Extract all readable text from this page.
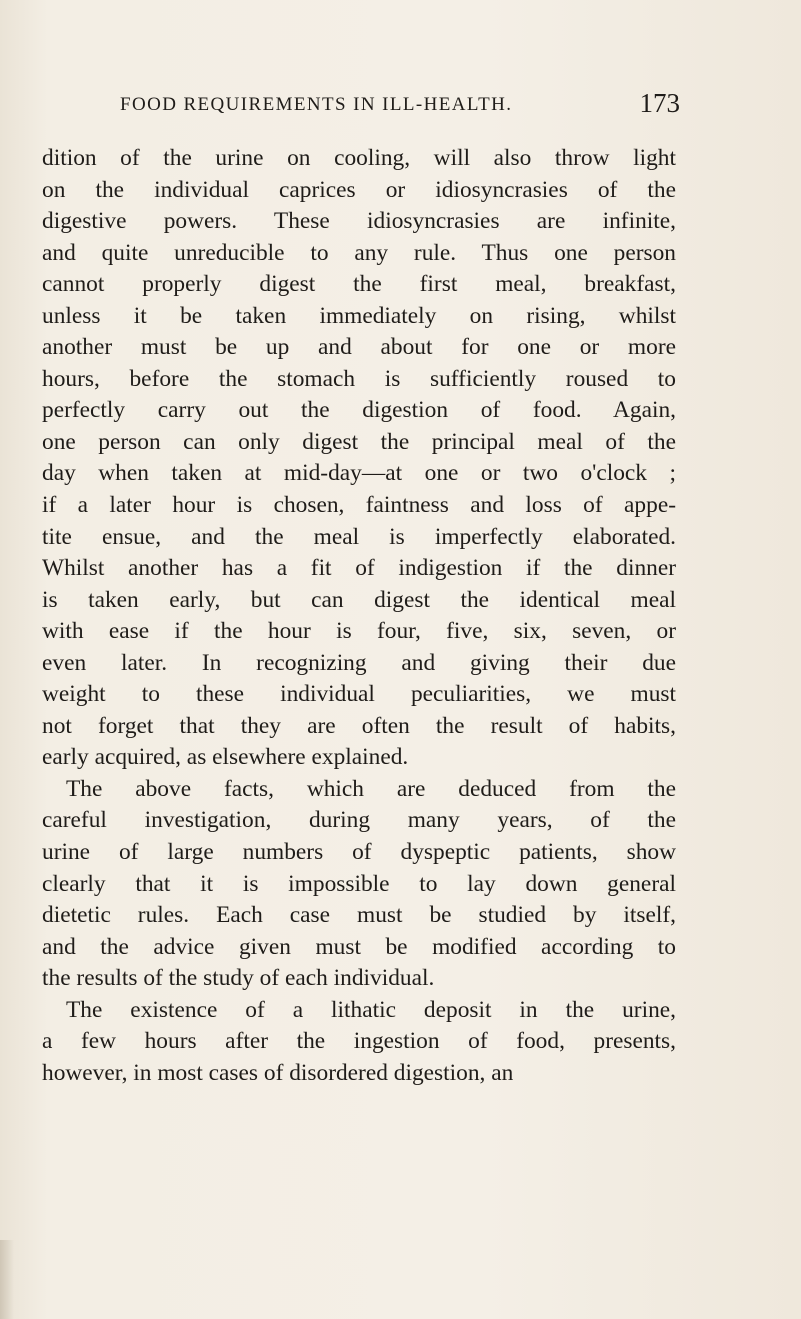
FOOD REQUIREMENTS IN ILL-HEALTH.	173
dition of the urine on cooling, will also throw light
on the individual caprices or idiosyncrasies of the
digestive powers. These idiosyncrasies are infinite,
and quite unreducible to any rule. Thus one person
cannot properly digest the first meal, breakfast,
unless it be taken immediately on rising, whilst
another must be up and about for one or more
hours, before the stomach is sufficiently roused to
perfectly carry out the digestion of food. Again,
one person can only digest the principal meal of the
day when taken at mid-day—at one or two o'clock ;
if a later hour is chosen, faintness and loss of appe-
tite ensue, and the meal is imperfectly elaborated.
Whilst another has a fit of indigestion if the dinner
is taken early, but can digest the identical meal
with ease if the hour is four, five, six, seven, or
even later. In recognizing and giving their due
weight to these individual peculiarities, we must
not forget that they are often the result of habits,
early acquired, as elsewhere explained.
The above facts, which are deduced from the
careful investigation, during many years, of the
urine of large numbers of dyspeptic patients, show
clearly that it is impossible to lay down general
dietetic rules. Each case must be studied by itself,
and the advice given must be modified according to
the results of the study of each individual.
The existence of a lithatic deposit in the urine,
a few hours after the ingestion of food, presents,
however, in most cases of disordered digestion, an
